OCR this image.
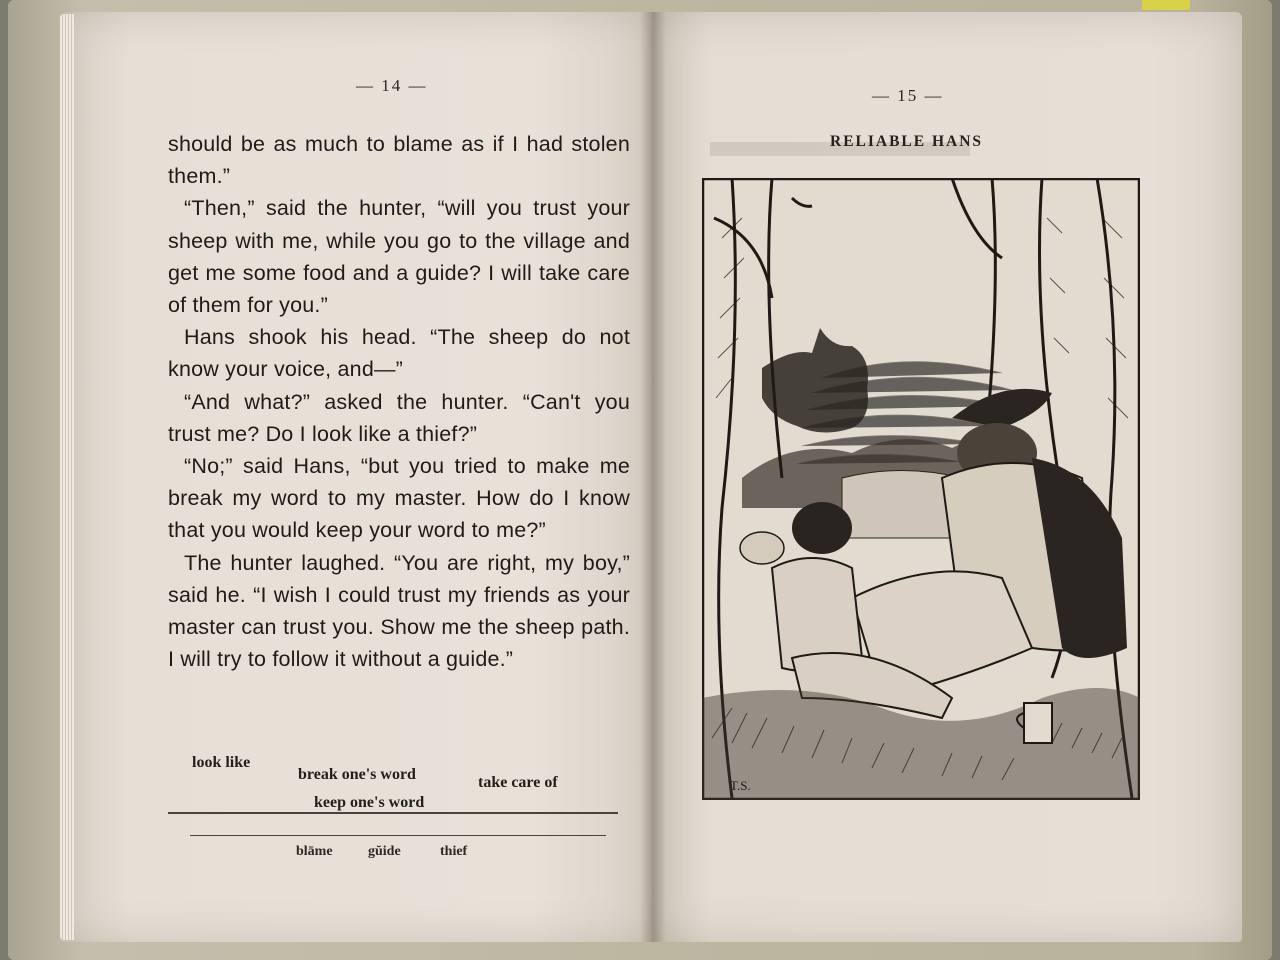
— 14 —

should be as much to blame as if I had stolen them.”

“Then,” said the hunter, “will you trust your sheep with me, while you go to the village and get me some food and a guide? I will take care of them for you.”

Hans shook his head. “The sheep do not know your voice, and—”

“And what?” asked the hunter. “Can't you trust me? Do I look like a thief?”

“No;” said Hans, “but you tried to make me break my word to my master. How do I know that you would keep your word to me?”

The hunter laughed. “You are right, my boy,” said he. “I wish I could trust my friends as your master can trust you. Show me the sheep path. I will try to follow it without a guide.”

look like
break one's word	take care of
keep one's word
blāme	gŭide	thief
— 15 —
RELIABLE HANS
T.S.
